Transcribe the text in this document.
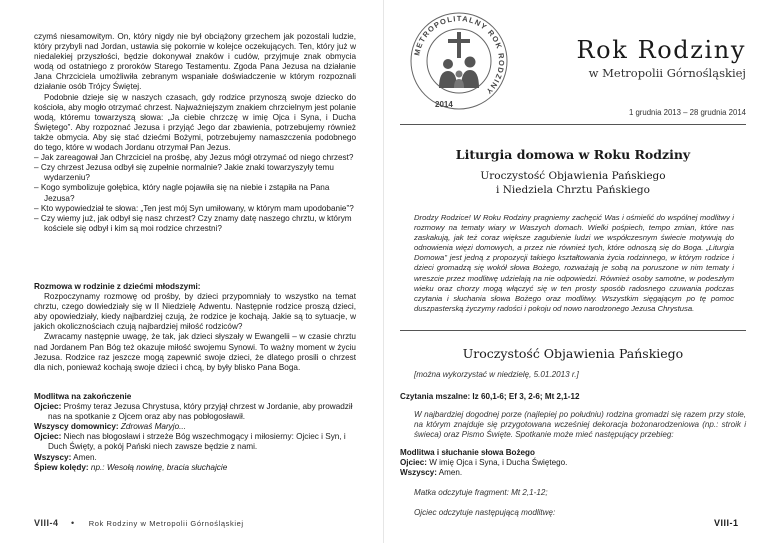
czymś niesamowitym. On, który nigdy nie był obciążony grzechem jak pozostali ludzie, który przybyli nad Jordan, ustawia się pokornie w kolejce oczekujących. Ten, który już w niedalekiej przyszłości, będzie dokonywał znaków i cudów, przyjmuje znak obmycia wodą od ostatniego z proroków Starego Testamentu. Zgoda Pana Jezusa na działanie Jana Chrzciciela umożliwiła zebranym wspaniałe doświadczenie w którym rozpoznali działanie osób Trójcy Świętej.

Podobnie dzieje się w naszych czasach, gdy rodzice przynoszą swoje dziecko do kościoła, aby mogło otrzymać chrzest. Najważniejszym znakiem chrzcielnym jest polanie wodą, któremu towarzyszą słowa: „Ja ciebie chrzczę w imię Ojca i Syna, i Ducha Świętego”. Aby rozpoznać Jezusa i przyjąć Jego dar zbawienia, potrzebujemy również także obmycia. Aby się stać dziećmi Bożymi, potrzebujemy namaszczenia podobnego do tego, które w wodach Jordanu otrzymał Pan Jezus.

– Jak zareagował Jan Chrzciciel na prośbę, aby Jezus mógł otrzymać od niego chrzest?

– Czy chrzest Jezusa odbył się zupełnie normalnie? Jakie znaki towarzyszyły temu wydarzeniu?

– Kogo symbolizuje gołębica, który nagle pojawiła się na niebie i zstąpiła na Pana Jezusa?

– Kto wypowiedział te słowa: „Ten jest mój Syn umiłowany, w którym mam upodobanie”?

– Czy wiemy już, jak odbył się nasz chrzest? Czy znamy datę naszego chrztu, w którym kościele się odbył i kim są moi rodzice chrzestni?

Rozmowa w rodzinie z dziećmi młodszymi:

Rozpoczynamy rozmowę od prośby, by dzieci przypomniały to wszystko na temat chrztu, czego dowiedziały się w II Niedzielę Adwentu. Następnie rodzice proszą dzieci, aby opowiedziały, kiedy najbardziej czują, że rodzice je kochają. Jakie są to sytuacje, w jakich okolicznościach czują najbardziej miłość rodziców?

Zwracamy następnie uwagę, że tak, jak dzieci słyszały w Ewangelii – w czasie chrztu nad Jordanem Pan Bóg też okazuje miłość swojemu Synowi. To ważny moment w życiu Jezusa. Rodzice raz jeszcze mogą zapewnić swoje dzieci, że dlatego prosili o chrzest dla nich, ponieważ kochają swoje dzieci i chcą, by były blisko Pana Boga.

Modlitwa na zakończenie

Ojciec: Prośmy teraz Jezusa Chrystusa, który przyjął chrzest w Jordanie, aby prowadził nas na spotkanie z Ojcem oraz aby nas pobłogosławił.

Wszyscy domownicy: Zdrowaś Maryjo...

Ojciec: Niech nas błogosławi i strzeże Bóg wszechmogący i miłosierny: Ojciec i Syn, i Duch Święty, a pokój Pański niech zawsze będzie z nami.

Wszyscy: Amen.

Śpiew kolędy: np.: Wesołą nowinę, bracia słuchajcie

VIII-4 • Rok Rodziny w Metropolii Górnośląskiej
METROPOLITALNY ROK RODZINY
2014
Rok Rodziny
w Metropolii Górnośląskiej
1 grudnia 2013 – 28 grudnia 2014
Liturgia domowa w Roku Rodziny
Uroczystość Objawienia Pańskiego
i Niedziela Chrztu Pańskiego
Drodzy Rodzice! W Roku Rodziny pragniemy zachęcić Was i ośmielić do wspólnej modlitwy i rozmowy na tematy wiary w Waszych domach. Wielki pośpiech, tempo zmian, które nas zaskakują, jak też coraz większe zagubienie ludzi we współczesnym świecie motywują do odnowienia więzi domowych, a przez nie również tych, które odnoszą się do Boga. „Liturgia Domowa” jest jedną z propozycji takiego kształtowania życia rodzinnego, w którym rodzice i dzieci gromadzą się wokół słowa Bożego, rozważają je sobą na poruszone w nim tematy i wreszcie przez modlitwę udzielają na nie odpowiedzi. Również osoby samotne, w podeszłym wieku oraz chorzy mogą włączyć się w ten prosty sposób radosnego czuwania podczas czytania i słuchania słowa Bożego oraz modlitwy. Wszystkim sięgającym po tę pomoc duszpasterską życzymy radości i pokoju od nowo narodzonego Jezusa Chrystusa.
Uroczystość Objawienia Pańskiego

[można wykorzystać w niedzielę, 5.01.2013 r.]

Czytania mszalne: Iz 60,1-6; Ef 3, 2-6; Mt 2,1-12

W najbardziej dogodnej porze (najlepiej po południu) rodzina gromadzi się razem przy stole, na którym znajduje się przygotowana wcześniej dekoracja bożonarodzeniowa (np.: stroik i świeca) oraz Pismo Święte. Spotkanie może mieć następujący przebieg:

Modlitwa i słuchanie słowa Bożego

Ojciec: W imię Ojca i Syna, i Ducha Świętego.

Wszyscy: Amen.

Matka odczytuje fragment: Mt 2,1-12;

Ojciec odczytuje następującą modlitwę:

VIII-1
